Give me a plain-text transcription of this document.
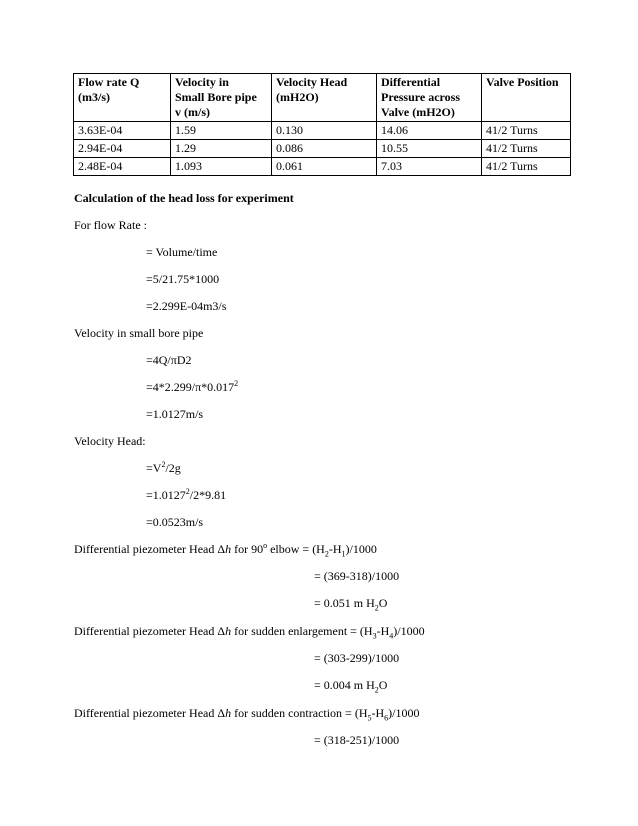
Flow rate Q
(m3/s)	Velocity in
Small Bore pipe
v (m/s)	Velocity Head
(mH2O)	Differential
Pressure across
Valve (mH2O)	Valve Position
3.63E-04	1.59	0.130	14.06	41/2 Turns
2.94E-04	1.29	0.086	10.55	41/2 Turns
2.48E-04	1.093	0.061	7.03	41/2 Turns
Calculation of the head loss for experiment
For flow Rate :
= Volume/time
=5/21.75*1000
=2.299E-04m3/s
Velocity in small bore pipe
=4Q/πD2
$=4*2.299/\pi*0.017^2$
=1.0127m/s
Velocity Head:
$=V^2/2g$
$=1.0127^2/2*9.81$
=0.0523m/s
Differential piezometer Head Δh for 90$^o$ elbow = $(H_2-H_1)/1000$
= (369-318)/1000
= 0.051 m $H_2O$
Differential piezometer Head Δh for sudden enlargement = $(H_3-H_4)/1000$
= (303-299)/1000
= 0.004 m $H_2O$
Differential piezometer Head Δh for sudden contraction = $(H_5-H_6)/1000$
= (318-251)/1000
